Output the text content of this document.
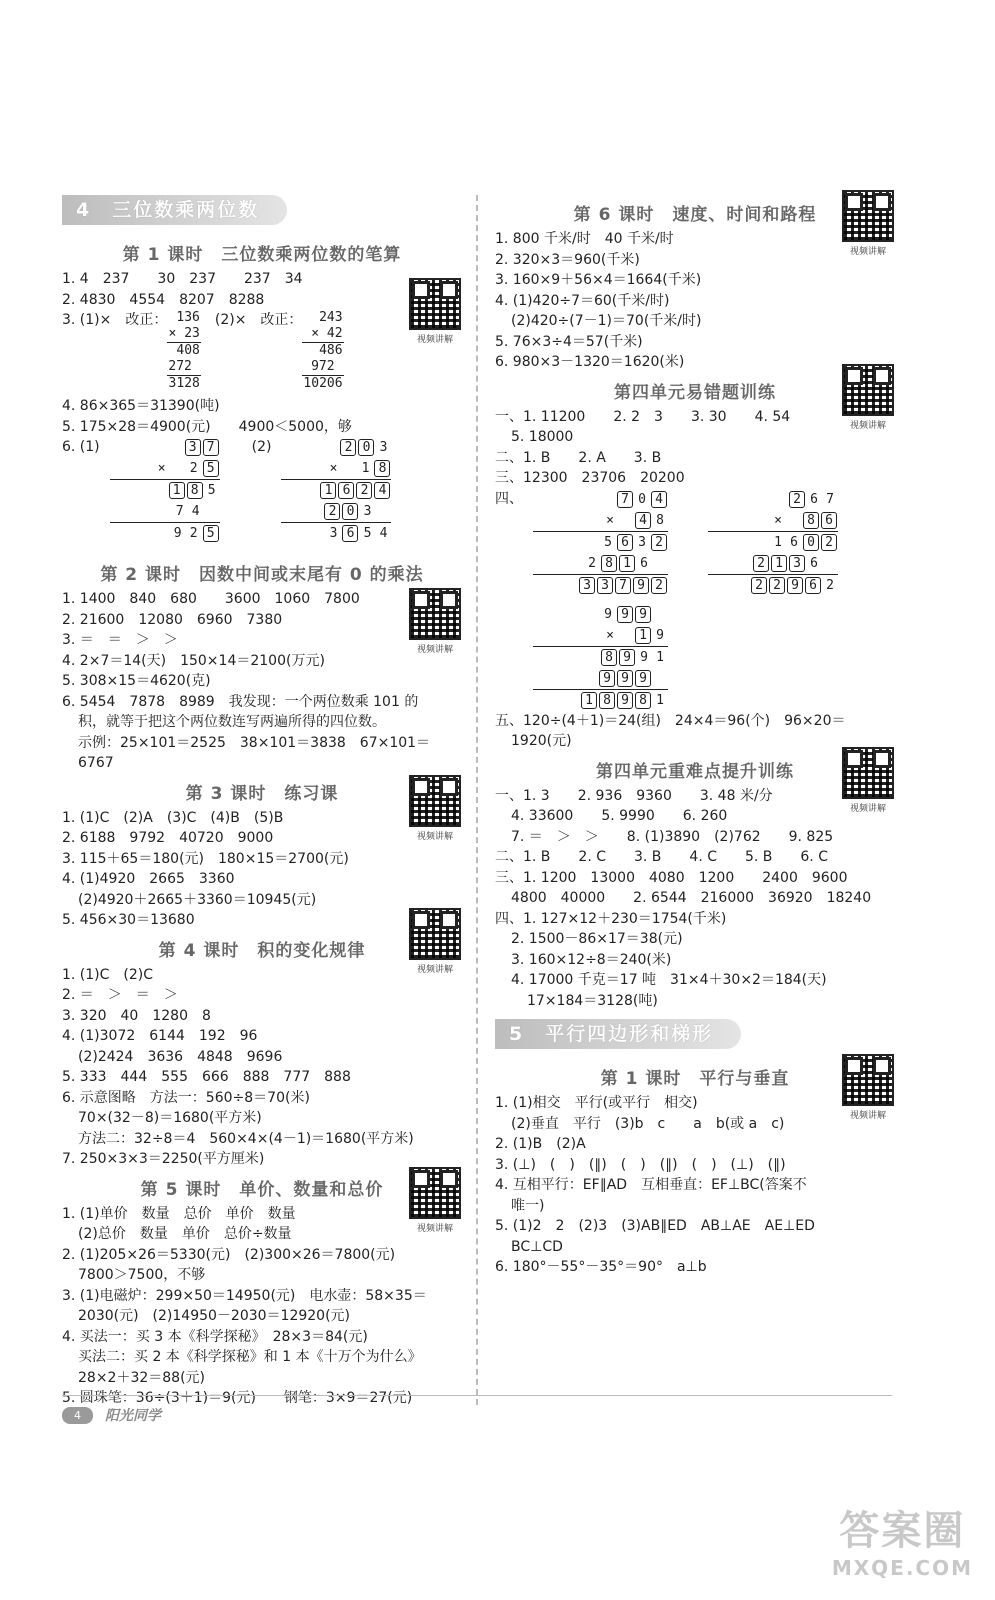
4　 三位数乘两位数
视频讲解
第 1 课时　三位数乘两位数的笔算
1. 4　237　　30　237　　237　34
2. 4830　4554　8207　8288
3. (1)×　改正： 136
× 23
408
272
3128
(2)×　改正： 243
× 42
486
972
10206
4. 86×365＝31390(吨)
5. 175×28＝4900(元)　　4900＜5000，够
6. (1)	3 7
× 2 5
1 8 5
7 4
9 2 5
(2)	2 0 3
× 1 8
1 6 2 4
2 0 3
3 6 5 4
视频讲解
第 2 课时　因数中间或末尾有 0 的乘法
1. 1400　840　680　　3600　1060　7800
2. 21600　12080　6960　7380
3. ＝　＝　＞　＞
4. 2×7＝14(天)　150×14＝2100(万元)
5. 308×15＝4620(克)
6. 5454　7878　8989　我发现：一个两位数乘 101 的
积，就等于把这个两位数连写两遍所得的四位数。
示例：25×101＝2525　38×101＝3838　67×101＝
6767
视频讲解
第 3 课时　练习课
1. (1)C　(2)A　(3)C　(4)B　(5)B
2. 6188　9792　40720　9000
3. 115＋65＝180(元)　180×15＝2700(元)
4. (1)4920　2665　3360
(2)4920＋2665＋3360＝10945(元)
5. 456×30＝13680
视频讲解
第 4 课时　积的变化规律
1. (1)C　(2)C
2. ＝　＞　＝　＞
3. 320　40　1280　8
4. (1)3072　6144　192　96
(2)2424　3636　4848　9696
5. 333　444　555　666　888　777　888
6. 示意图略　方法一：560÷8＝70(米)
70×(32－8)＝1680(平方米)
方法二：32÷8＝4　560×4×(4－1)＝1680(平方米)
7. 250×3×3＝2250(平方厘米)
视频讲解
第 5 课时　单价、数量和总价
1. (1)单价　数量　总价　单价　数量
(2)总价　数量　单价　总价÷数量
2. (1)205×26＝5330(元)　(2)300×26＝7800(元)
7800＞7500，不够
3. (1)电磁炉：299×50＝14950(元)　电水壶：58×35＝
2030(元)　(2)14950－2030＝12920(元)
4. 买法一：买 3 本《科学探秘》　28×3＝84(元)
买法二：买 2 本《科学探秘》和 1 本《十万个为什么》
28×2＋32＝88(元)
5. 圆珠笔：36÷(3＋1)＝9(元)　　钢笔：3×9＝27(元)
视频讲解
第 6 课时　速度、时间和路程
1. 800 千米/时　40 千米/时
2. 320×3＝960(千米)
3. 160×9＋56×4＝1664(千米)
4. (1)420÷7＝60(千米/时)
(2)420÷(7－1)＝70(千米/时)
5. 76×3÷4＝57(千米)
6. 980×3－1320＝1620(米)
视频讲解
第四单元易错题训练
一、1. 11200　　2. 2　3　　3. 30　　4. 54
5. 18000
二、1. B　　2. A　　3. B
三、12300　23706　20200
四、	7 0 4
×	4 8
5 6 3 2
2 8 1 6
3 3 7 9 2
9 9 9
×	1 9
8 9 9 1
9 9 9
1 8 9 8 1
2 6 7
×	8 6
1 6 0 2
2 1 3 6
2 2 9 6 2
五、120÷(4＋1)＝24(组)　24×4＝96(个)　96×20＝
1920(元)
视频讲解
第四单元重难点提升训练
一、1. 3　　2. 936　9360　　3. 48 米/分
4. 33600　　5. 9990　　6. 260
7. ＝　＞　＞　　8. (1)3890　(2)762　　9. 825
二、1. B　　2. C　　3. B　　4. C　　5. B　　6. C
三、1. 1200　13000　4080　1200　　2400　9600
4800　40000　　2. 6544　216000　36920　18240
四、1. 127×12＋230＝1754(千米)
2. 1500－86×17＝38(元)
3. 160×12÷8＝240(米)
4. 17000 千克＝17 吨　31×4＋30×2＝184(天)
17×184＝3128(吨)
5　 平行四边形和梯形
视频讲解
第 1 课时　平行与垂直
1. (1)相交　平行(或平行　相交)
(2)垂直　平行　(3)b　c　　a　b(或 a　c)
2. (1)B　(2)A
3. (⊥)　(　)　(∥)　(　)　(∥)　(　)　(⊥)　(∥)
4. 互相平行：EF∥AD　互相垂直：EF⊥BC(答案不
唯一)
5. (1)2　2　(2)3　(3)AB∥ED　AB⊥AE　AE⊥ED
BC⊥CD
6. 180°－55°－35°＝90°　a⊥b
4	阳光同学
答案圈
MXQE.COM
